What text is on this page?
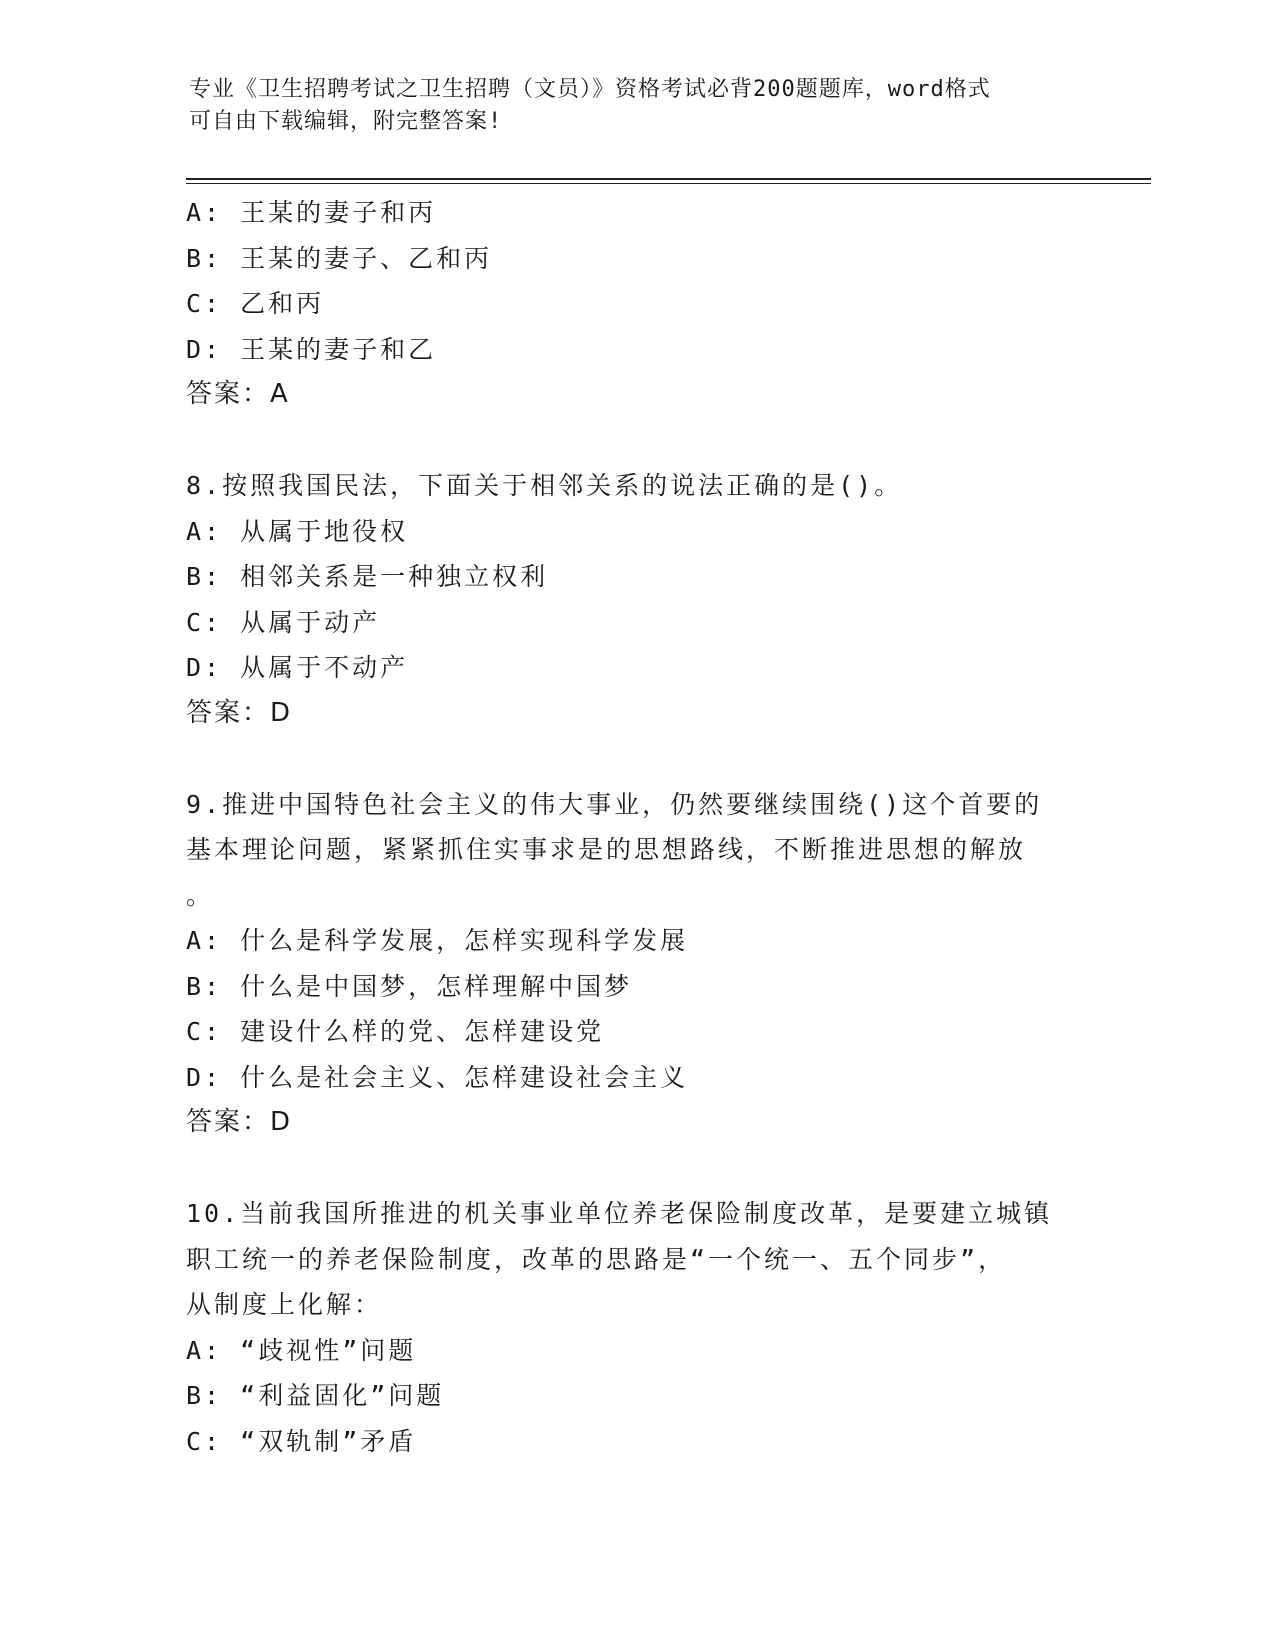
专业《卫生招聘考试之卫生招聘（文员）》资格考试必背200题题库，word格式
可自由下载编辑，附完整答案!
A: 王某的妻子和丙
B: 王某的妻子、乙和丙
C: 乙和丙
D: 王某的妻子和乙
答案：A
8.按照我国民法，下面关于相邻关系的说法正确的是()。
A: 从属于地役权
B: 相邻关系是一种独立权利
C: 从属于动产
D: 从属于不动产
答案：D
9.推进中国特色社会主义的伟大事业，仍然要继续围绕()这个首要的
基本理论问题，紧紧抓住实事求是的思想路线，不断推进思想的解放
。
A: 什么是科学发展，怎样实现科学发展
B: 什么是中国梦，怎样理解中国梦
C: 建设什么样的党、怎样建设党
D: 什么是社会主义、怎样建设社会主义
答案：D
10.当前我国所推进的机关事业单位养老保险制度改革，是要建立城镇
职工统一的养老保险制度，改革的思路是“一个统一、五个同步”，
从制度上化解：
A: “歧视性”问题
B: “利益固化”问题
C: “双轨制”矛盾
